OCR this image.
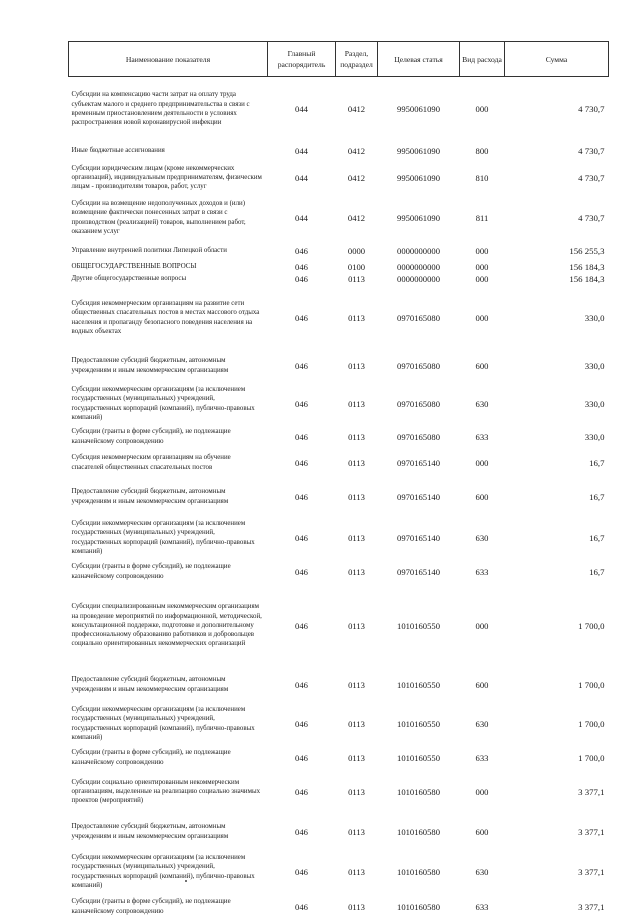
Наименование показателя	Главный распорядитель	Раздел, подраздел	Целевая статья	Вид расхода	Сумма
Субсидии на компенсацию части затрат на оплату труда субъектам малого и среднего предпринимательства в связи с временным приостановлением деятельности в условиях распространения новой коронавирусной инфекции	044	0412	9950061090	000	4 730,7
Иные бюджетные ассигнования	044	0412	9950061090	800	4 730,7
Субсидии юридическим лицам (кроме некоммерческих организаций), индивидуальным предпринимателям, физическим лицам - производителям товаров, работ, услуг	044	0412	9950061090	810	4 730,7
Субсидии на возмещение недополученных доходов и (или) возмещение фактически понесенных затрат в связи с производством (реализацией) товаров, выполнением работ, оказанием услуг	044	0412	9950061090	811	4 730,7
Управление внутренней политики Липецкой области	046	0000	0000000000	000	156 255,3
ОБЩЕГОСУДАРСТВЕННЫЕ ВОПРОСЫ	046	0100	0000000000	000	156 184,3
Другие общегосударственные вопросы	046	0113	0000000000	000	156 184,3
Субсидия некоммерческим организациям на развитие сети общественных спасательных постов в местах массового отдыха населения и пропаганду безопасного поведения населения на водных объектах	046	0113	0970165080	000	330,0
Предоставление субсидий бюджетным, автономным учреждениям и иным некоммерческим организациям	046	0113	0970165080	600	330,0
Субсидии некоммерческим организациям (за исключением государственных (муниципальных) учреждений, государственных корпораций (компаний), публично-правовых компаний)	046	0113	0970165080	630	330,0
Субсидии (гранты в форме субсидий), не подлежащие казначейскому сопровождению	046	0113	0970165080	633	330,0
Субсидия некоммерческим организациям на обучение спасателей общественных спасательных постов	046	0113	0970165140	000	16,7
Предоставление субсидий бюджетным, автономным учреждениям и иным некоммерческим организациям	046	0113	0970165140	600	16,7
Субсидии некоммерческим организациям (за исключением государственных (муниципальных) учреждений, государственных корпораций (компаний), публично-правовых компаний)	046	0113	0970165140	630	16,7
Субсидии (гранты в форме субсидий), не подлежащие казначейскому сопровождению	046	0113	0970165140	633	16,7
Субсидии специализированным некоммерческим организациям на проведение мероприятий по информационной, методической, консультационной поддержке, подготовке и дополнительному профессиональному образованию работников и добровольцев социально ориентированных некоммерческих организаций	046	0113	1010160550	000	1 700,0
Предоставление субсидий бюджетным, автономным учреждениям и иным некоммерческим организациям	046	0113	1010160550	600	1 700,0
Субсидии некоммерческим организациям (за исключением государственных (муниципальных) учреждений, государственных корпораций (компаний), публично-правовых компаний)	046	0113	1010160550	630	1 700,0
Субсидии (гранты в форме субсидий), не подлежащие казначейскому сопровождению	046	0113	1010160550	633	1 700,0
Субсидии социально ориентированным некоммерческим организациям, выделенные на реализацию социально значимых проектов (мероприятий)	046	0113	1010160580	000	3 377,1
Предоставление субсидий бюджетным, автономным учреждениям и иным некоммерческим организациям	046	0113	1010160580	600	3 377,1
Субсидии некоммерческим организациям (за исключением государственных (муниципальных) учреждений, государственных корпораций (компаний), публично-правовых компаний)	046	0113	1010160580	630	3 377,1
Субсидии (гранты в форме субсидий), не подлежащие казначейскому сопровождению	046	0113	1010160580	633	3 377,1
